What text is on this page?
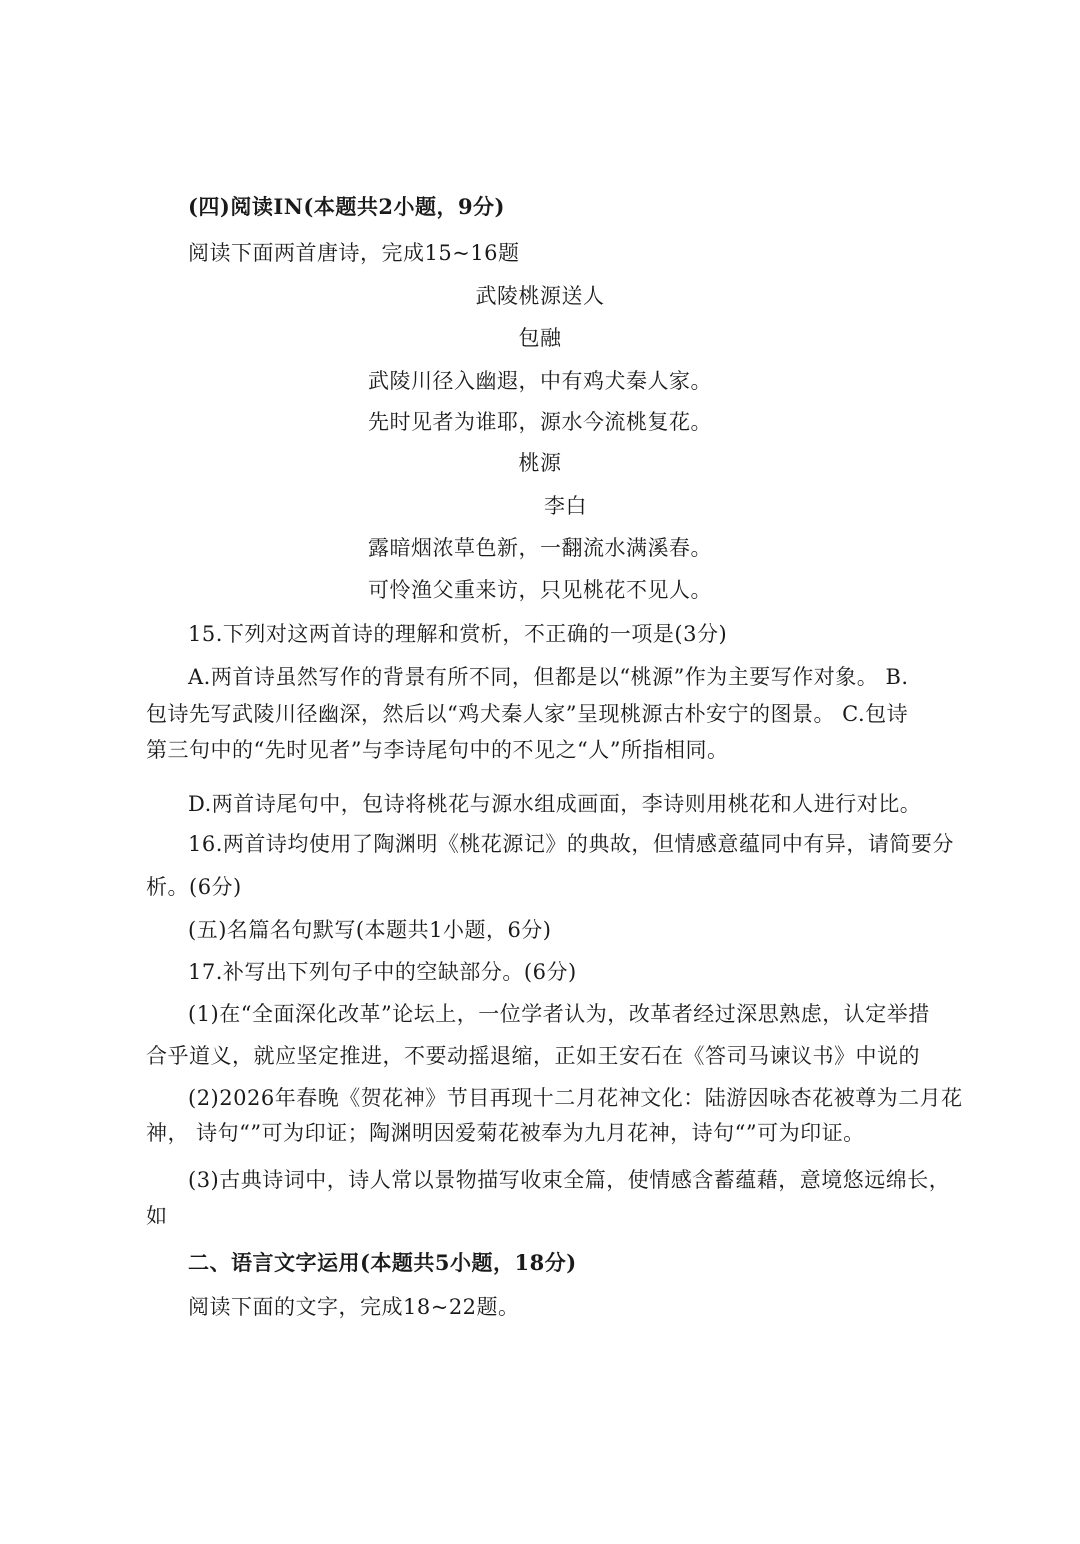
(四)阅读IN(本题共2小题，9分)
阅读下面两首唐诗，完成15~16题
武陵桃源送人
包融
武陵川径入幽遐，中有鸡犬秦人家。
先时见者为谁耶，源水今流桃复花。
桃源
李白
露暗烟浓草色新，一翻流水满溪春。
可怜渔父重来访，只见桃花不见人。
15.下列对这两首诗的理解和赏析，不正确的一项是(3分)
A.两首诗虽然写作的背景有所不同，但都是以“桃源”作为主要写作对象。 B.
包诗先写武陵川径幽深，然后以“鸡犬秦人家”呈现桃源古朴安宁的图景。 C.包诗
第三句中的“先时见者”与李诗尾句中的不见之“人”所指相同。
D.两首诗尾句中，包诗将桃花与源水组成画面，李诗则用桃花和人进行对比。
16.两首诗均使用了陶渊明《桃花源记》的典故，但情感意蕴同中有异，请简要分
析。(6分)
(五)名篇名句默写(本题共1小题，6分)
17.补写出下列句子中的空缺部分。(6分)
(1)在“全面深化改革”论坛上，一位学者认为，改革者经过深思熟虑，认定举措
合乎道义，就应坚定推进，不要动摇退缩，正如王安石在《答司马谏议书》中说的
(2)2026年春晚《贺花神》节目再现十二月花神文化：陆游因咏杏花被尊为二月花
神， 诗句“”可为印证；陶渊明因爱菊花被奉为九月花神，诗句“”可为印证。
(3)古典诗词中，诗人常以景物描写收束全篇，使情感含蓄蕴藉，意境悠远绵长，
如
二、语言文字运用(本题共5小题，18分)
阅读下面的文字，完成18~22题。
